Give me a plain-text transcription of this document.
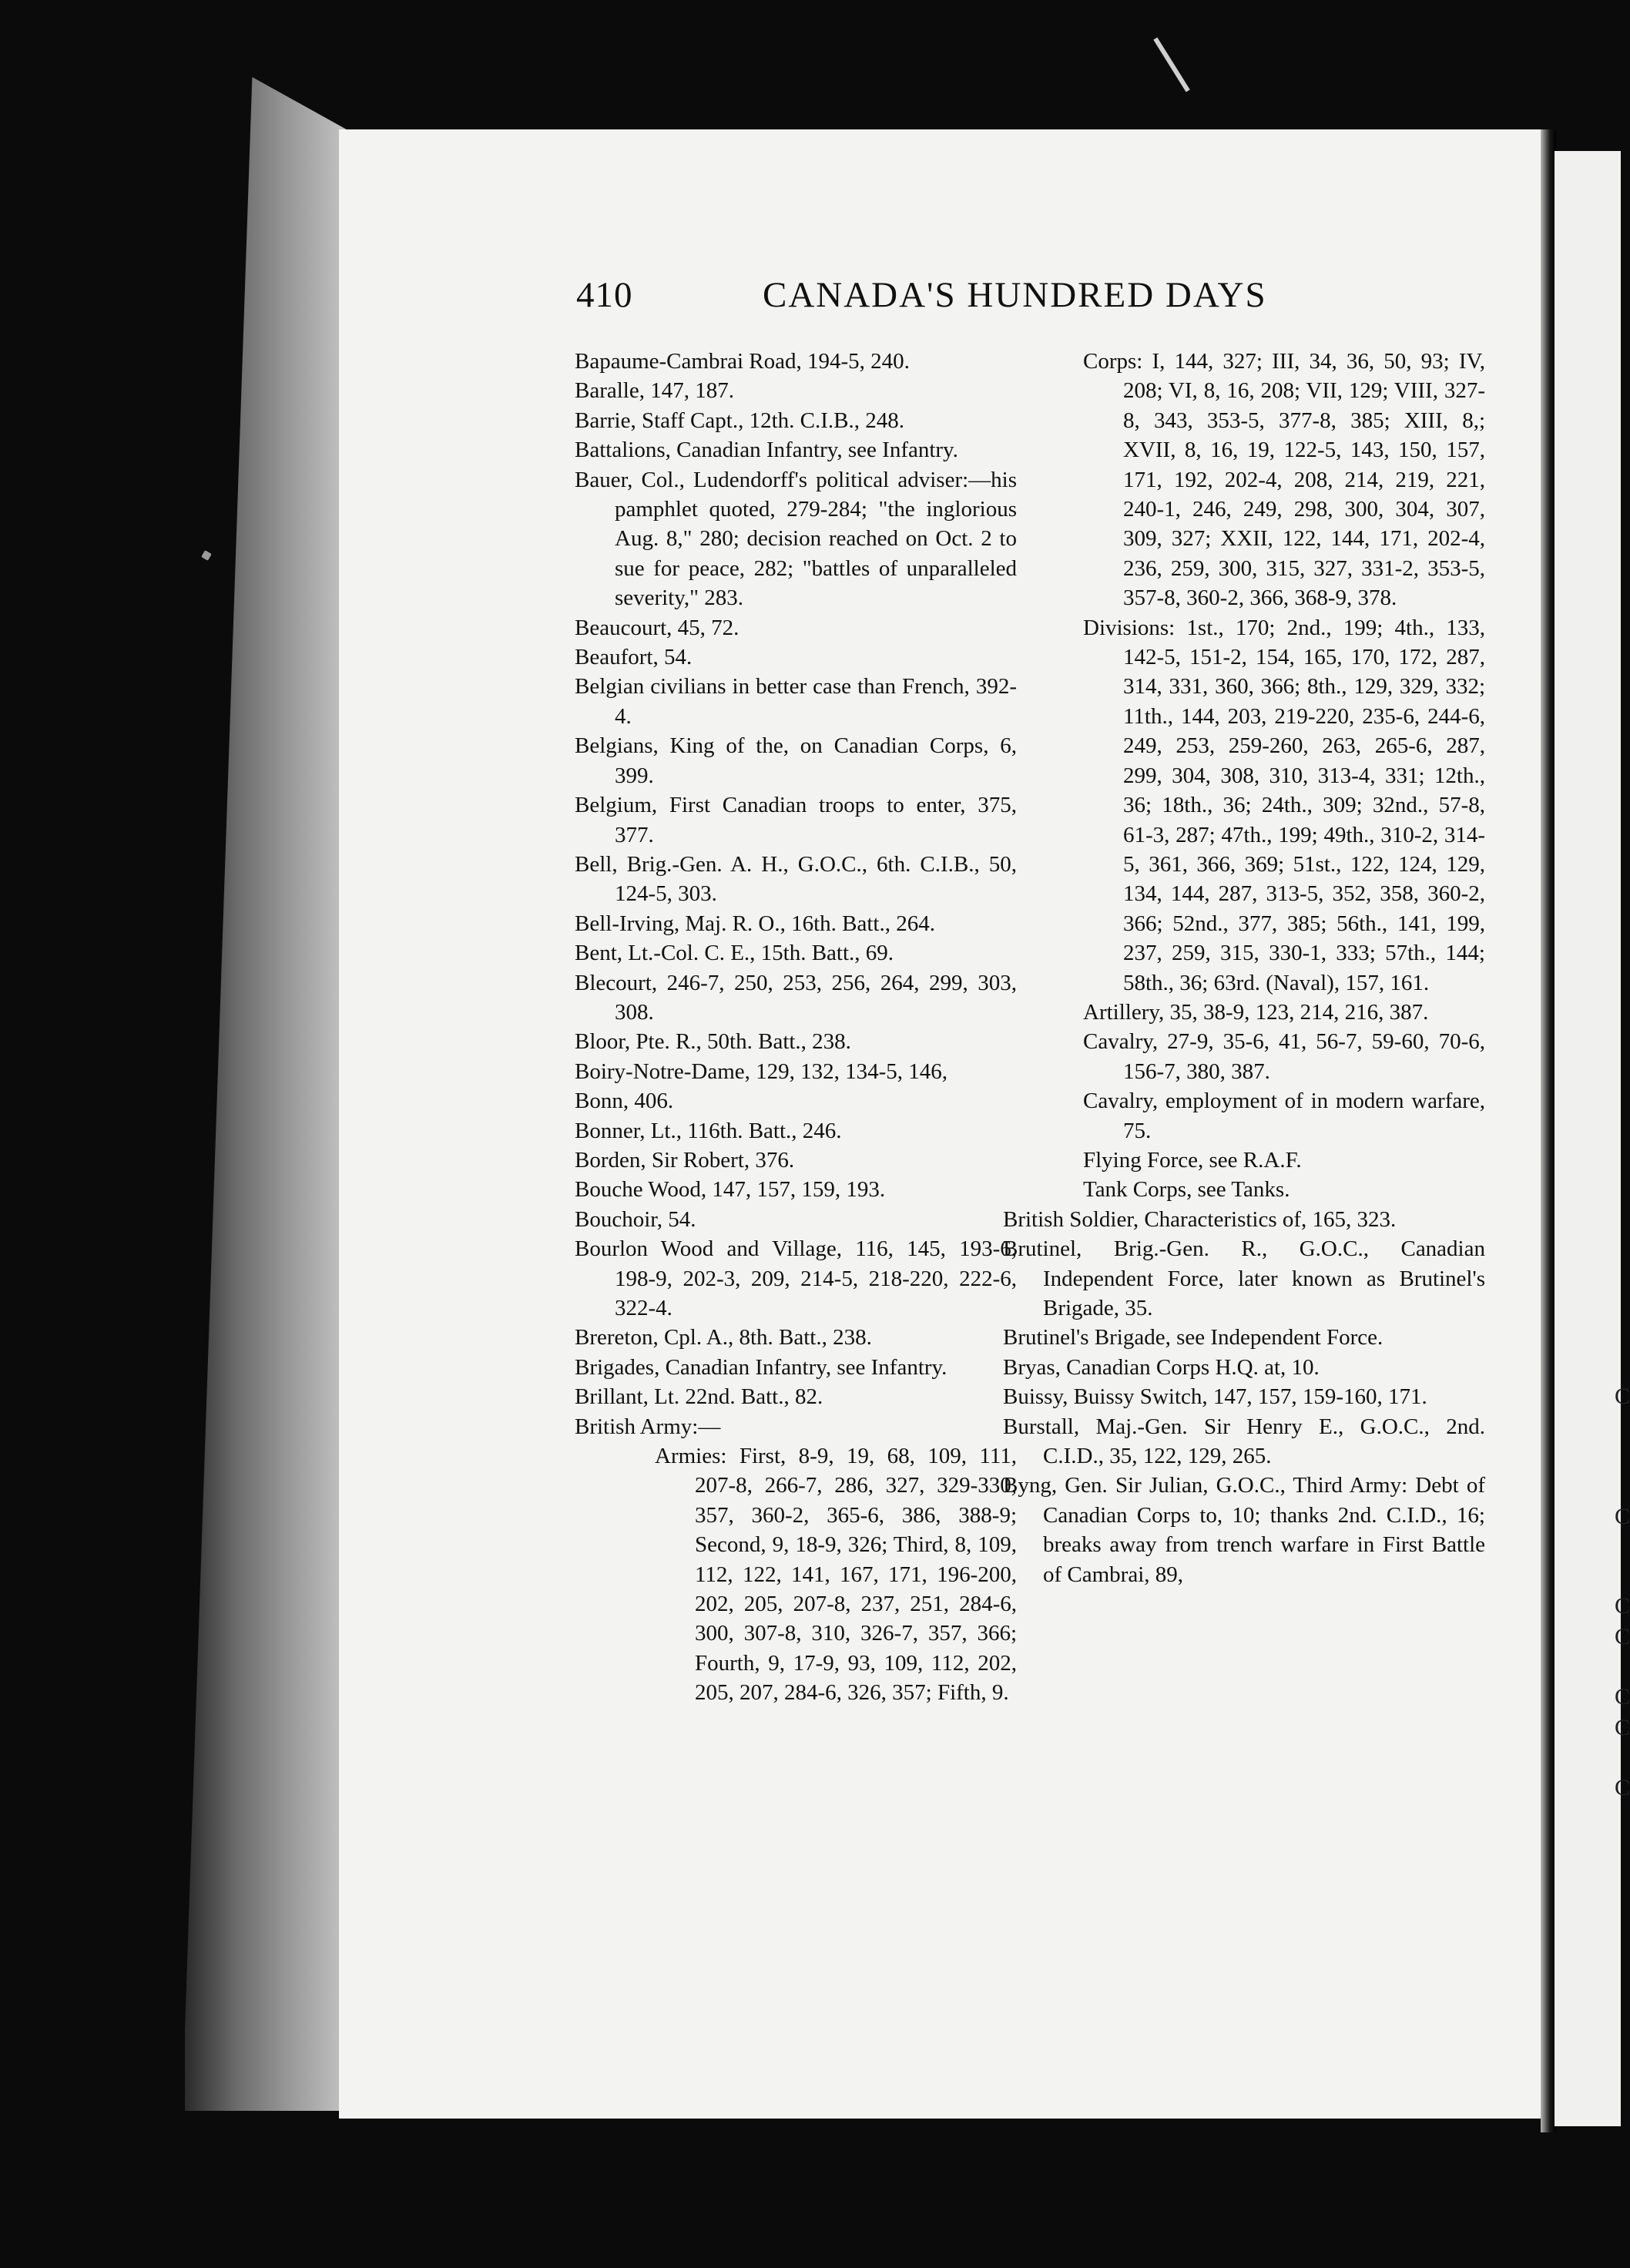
C
C
C
C
C
C
C
410	CANADA'S HUNDRED DAYS
Bapaume-Cambrai Road, 194-5, 240.
Baralle, 147, 187.
Barrie, Staff Capt., 12th. C.I.B., 248.
Battalions, Canadian Infantry, see Infantry.
Bauer, Col., Ludendorff's political adviser:—his pamphlet quoted, 279-284; "the inglorious Aug. 8," 280; decision reached on Oct. 2 to sue for peace, 282; "battles of unparalleled severity," 283.
Beaucourt, 45, 72.
Beaufort, 54.
Belgian civilians in better case than French, 392-4.
Belgians, King of the, on Canadian Corps, 6, 399.
Belgium, First Canadian troops to enter, 375, 377.
Bell, Brig.-Gen. A. H., G.O.C., 6th. C.I.B., 50, 124-5, 303.
Bell-Irving, Maj. R. O., 16th. Batt., 264.
Bent, Lt.-Col. C. E., 15th. Batt., 69.
Blecourt, 246-7, 250, 253, 256, 264, 299, 303, 308.
Bloor, Pte. R., 50th. Batt., 238.
Boiry-Notre-Dame, 129, 132, 134-5, 146,
Bonn, 406.
Bonner, Lt., 116th. Batt., 246.
Borden, Sir Robert, 376.
Bouche Wood, 147, 157, 159, 193.
Bouchoir, 54.
Bourlon Wood and Village, 116, 145, 193-6, 198-9, 202-3, 209, 214-5, 218-220, 222-6, 322-4.
Brereton, Cpl. A., 8th. Batt., 238.
Brigades, Canadian Infantry, see Infantry.
Brillant, Lt. 22nd. Batt., 82.
British Army:—
Armies: First, 8-9, 19, 68, 109, 111, 207-8, 266-7, 286, 327, 329-330, 357, 360-2, 365-6, 386, 388-9; Second, 9, 18-9, 326; Third, 8, 109, 112, 122, 141, 167, 171, 196-200, 202, 205, 207-8, 237, 251, 284-6, 300, 307-8, 310, 326-7, 357, 366; Fourth, 9, 17-9, 93, 109, 112, 202, 205, 207, 284-6, 326, 357; Fifth, 9.
Corps: I, 144, 327; III, 34, 36, 50, 93; IV, 208; VI, 8, 16, 208; VII, 129; VIII, 327-8, 343, 353-5, 377-8, 385; XIII, 8,; XVII, 8, 16, 19, 122-5, 143, 150, 157, 171, 192, 202-4, 208, 214, 219, 221, 240-1, 246, 249, 298, 300, 304, 307, 309, 327; XXII, 122, 144, 171, 202-4, 236, 259, 300, 315, 327, 331-2, 353-5, 357-8, 360-2, 366, 368-9, 378.
Divisions: 1st., 170; 2nd., 199; 4th., 133, 142-5, 151-2, 154, 165, 170, 172, 287, 314, 331, 360, 366; 8th., 129, 329, 332; 11th., 144, 203, 219-220, 235-6, 244-6, 249, 253, 259-260, 263, 265-6, 287, 299, 304, 308, 310, 313-4, 331; 12th., 36; 18th., 36; 24th., 309; 32nd., 57-8, 61-3, 287; 47th., 199; 49th., 310-2, 314-5, 361, 366, 369; 51st., 122, 124, 129, 134, 144, 287, 313-5, 352, 358, 360-2, 366; 52nd., 377, 385; 56th., 141, 199, 237, 259, 315, 330-1, 333; 57th., 144; 58th., 36; 63rd. (Naval), 157, 161.
Artillery, 35, 38-9, 123, 214, 216, 387.
Cavalry, 27-9, 35-6, 41, 56-7, 59-60, 70-6, 156-7, 380, 387.
Cavalry, employment of in modern warfare, 75.
Flying Force, see R.A.F.
Tank Corps, see Tanks.
British Soldier, Characteristics of, 165, 323.
Brutinel, Brig.-Gen. R., G.O.C., Canadian Independent Force, later known as Brutinel's Brigade, 35.
Brutinel's Brigade, see Independent Force.
Bryas, Canadian Corps H.Q. at, 10.
Buissy, Buissy Switch, 147, 157, 159-160, 171.
Burstall, Maj.-Gen. Sir Henry E., G.O.C., 2nd. C.I.D., 35, 122, 129, 265.
Byng, Gen. Sir Julian, G.O.C., Third Army: Debt of Canadian Corps to, 10; thanks 2nd. C.I.D., 16; breaks away from trench warfare in First Battle of Cambrai, 89,
